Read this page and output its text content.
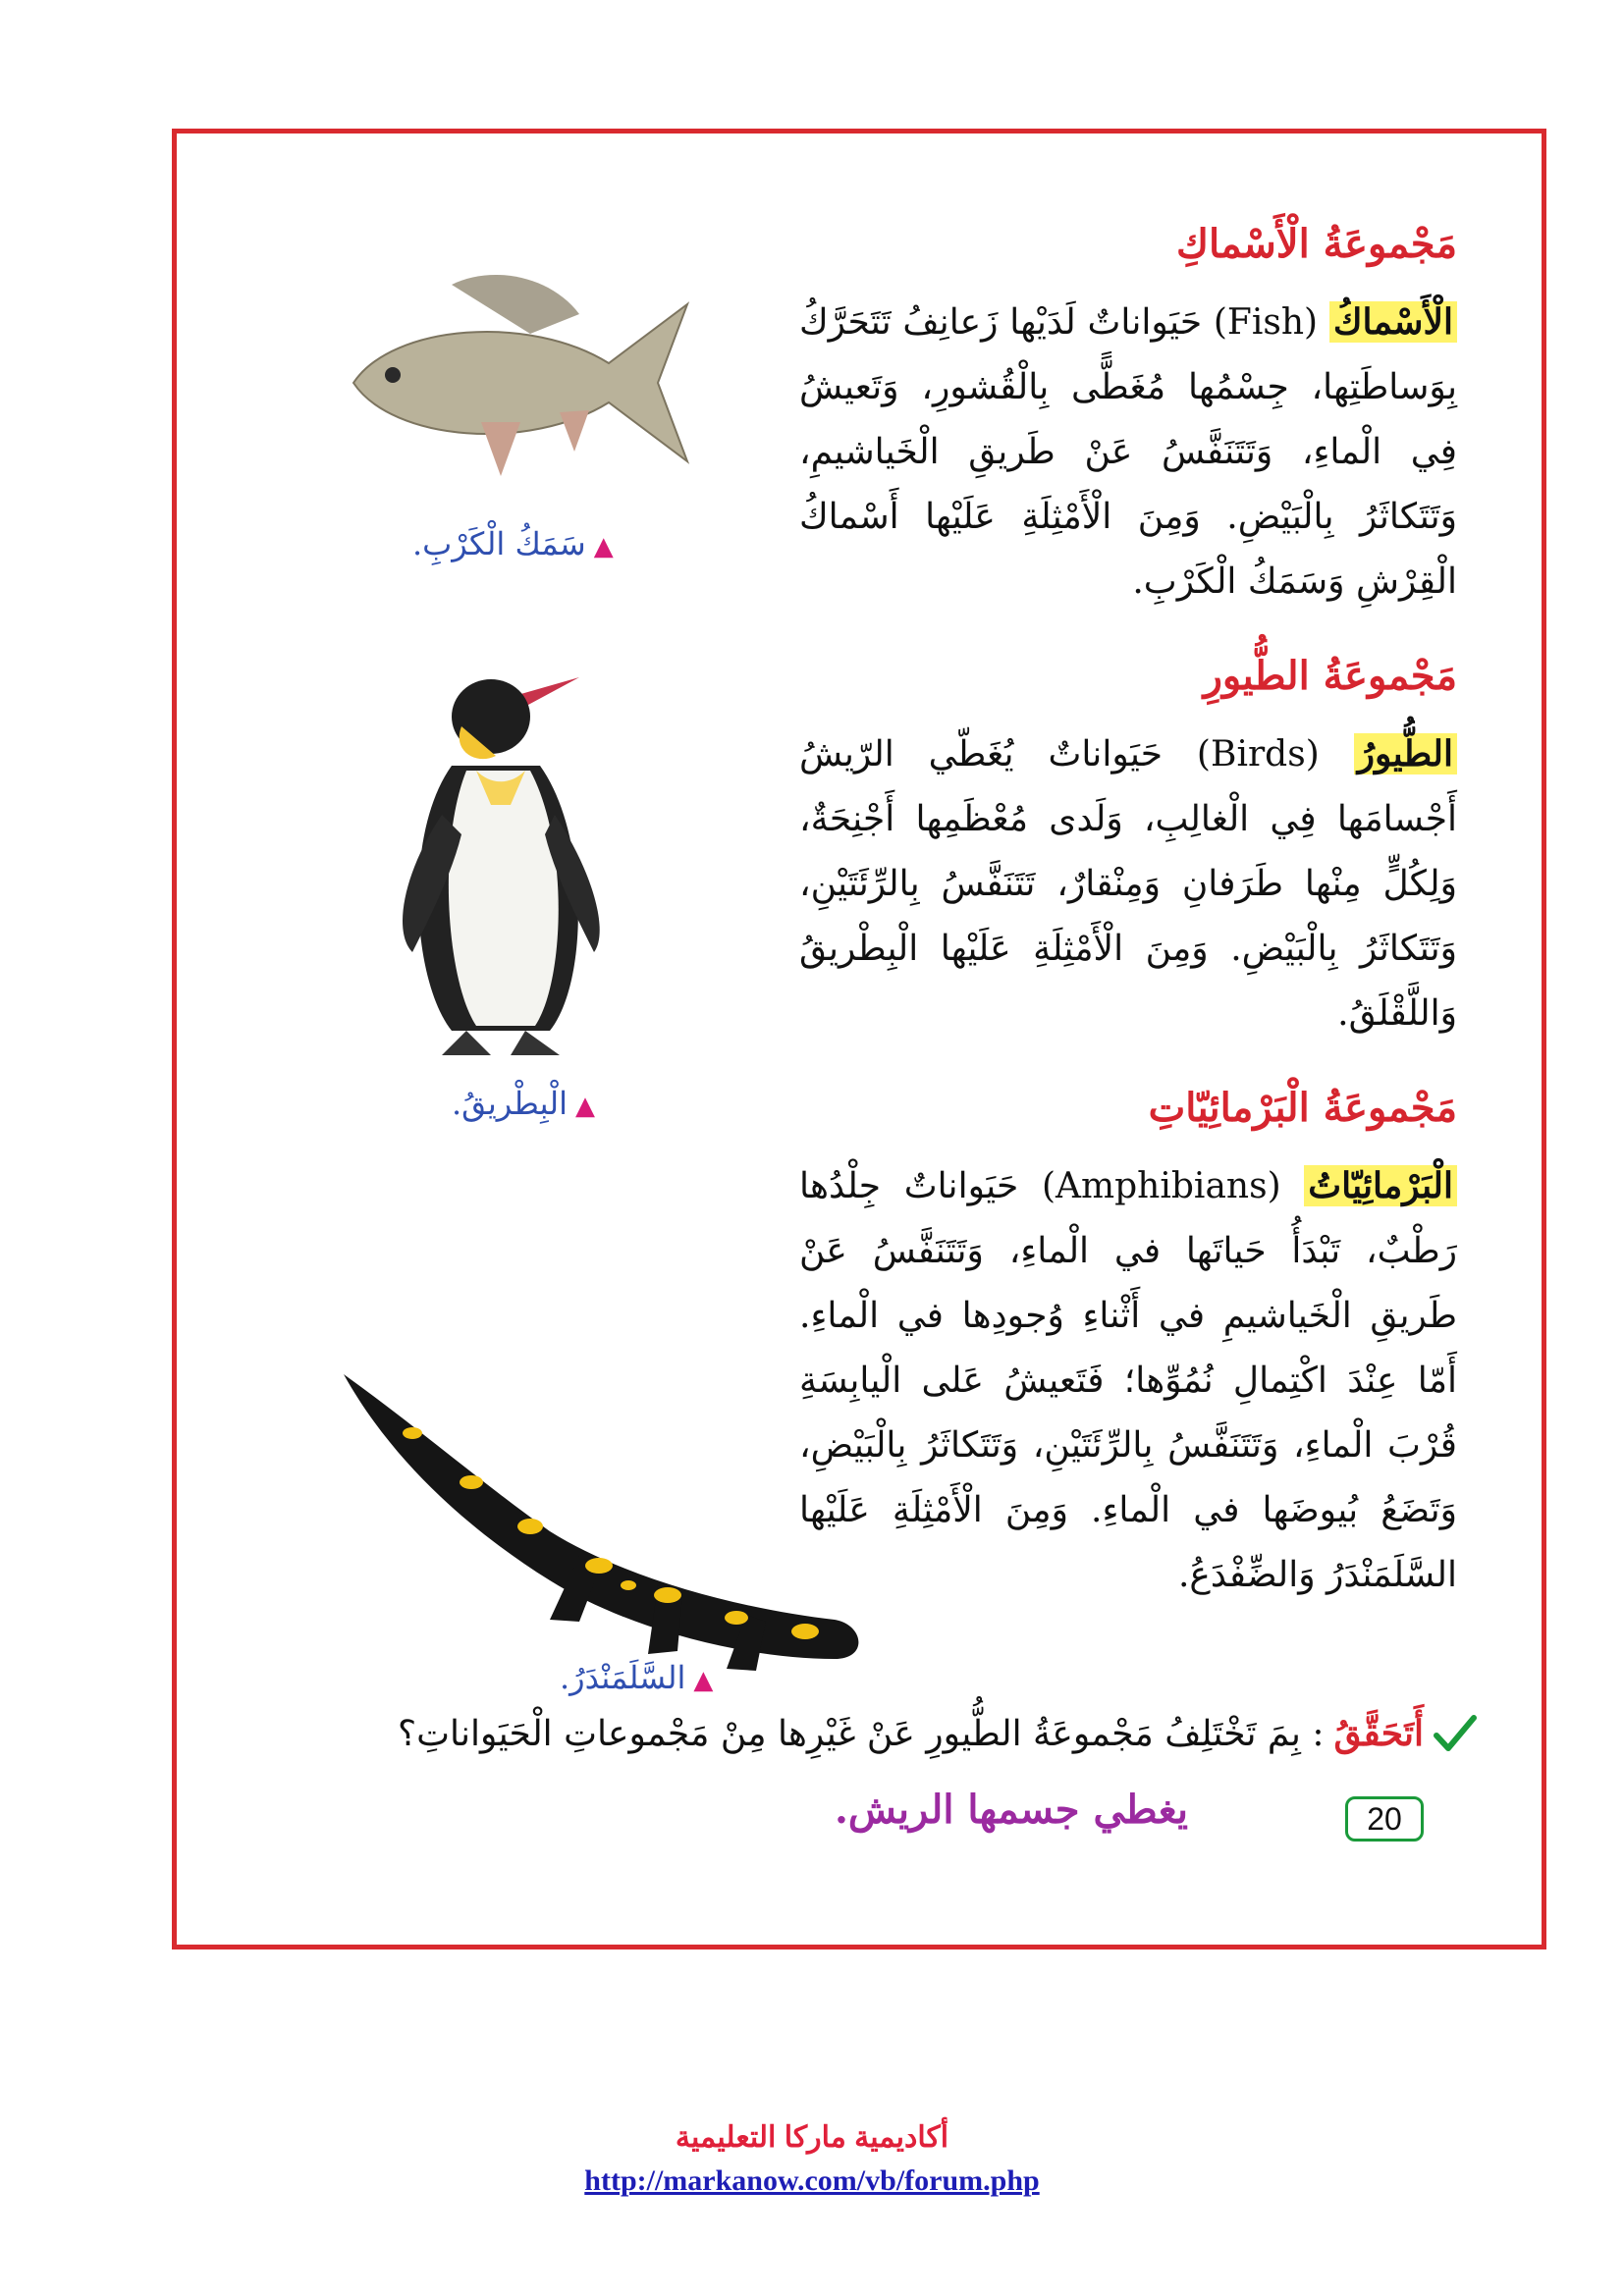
مَجْموعَةُ الْأَسْماكِ
الْأَسْماكُ (Fish) حَيَواناتٌ لَدَيْها زَعانِفُ تَتَحَرَّكُ بِوَساطَتِها، جِسْمُها مُغَطًّى بِالْقُشورِ، وَتَعيشُ فِي الْماءِ، وَتَتَنَفَّسُ عَنْ طَريقِ الْخَياشيمِ، وَتَتَكاثَرُ بِالْبَيْضِ. وَمِنَ الْأَمْثِلَةِ عَلَيْها أَسْماكُ الْقِرْشِ وَسَمَكُ الْكَرْبِ.
▲سَمَكُ الْكَرْبِ.
مَجْموعَةُ الطُّيورِ
الطُّيورُ (Birds) حَيَواناتٌ يُغَطّي الرّيشُ أَجْسامَها فِي الْغالِبِ، وَلَدى مُعْظَمِها أَجْنِحَةٌ، وَلِكُلٍّ مِنْها طَرَفانِ وَمِنْقارٌ، تَتَنَفَّسُ بِالرِّئَتَيْنِ، وَتَتَكاثَرُ بِالْبَيْضِ. وَمِنَ الْأَمْثِلَةِ عَلَيْها الْبِطْريقُ وَاللَّقْلَقُ.
▲الْبِطْريقُ.	مَجْموعَةُ الْبَرْمائِيّاتِ
الْبَرْمائِيّاتُ (Amphibians) حَيَواناتٌ جِلْدُها رَطْبٌ، تَبْدَأُ حَياتَها في الْماءِ، وَتَتَنَفَّسُ عَنْ طَريقِ الْخَياشيمِ في أَثْناءِ وُجودِها في الْماءِ. أَمّا عِنْدَ اكْتِمالِ نُمُوِّها؛ فَتَعيشُ عَلى الْيابِسَةِ قُرْبَ الْماءِ، وَتَتَنَفَّسُ بِالرِّئَتَيْنِ، وَتَتَكاثَرُ بِالْبَيْضِ، وَتَضَعُ بُيوضَها في الْماءِ. وَمِنَ الْأَمْثِلَةِ عَلَيْها السَّلَمَنْدَرُ وَالضِّفْدَعُ.
▲السَّلَمَنْدَرُ.
أَتَحَقَّقُ
: بِمَ تَخْتَلِفُ مَجْموعَةُ الطُّيورِ عَنْ غَيْرِها مِنْ مَجْموعاتِ الْحَيَواناتِ؟
يغطي جسمها الريش.	20
أكاديمية ماركا التعليمية
http://markanow.com/vb/forum.php
